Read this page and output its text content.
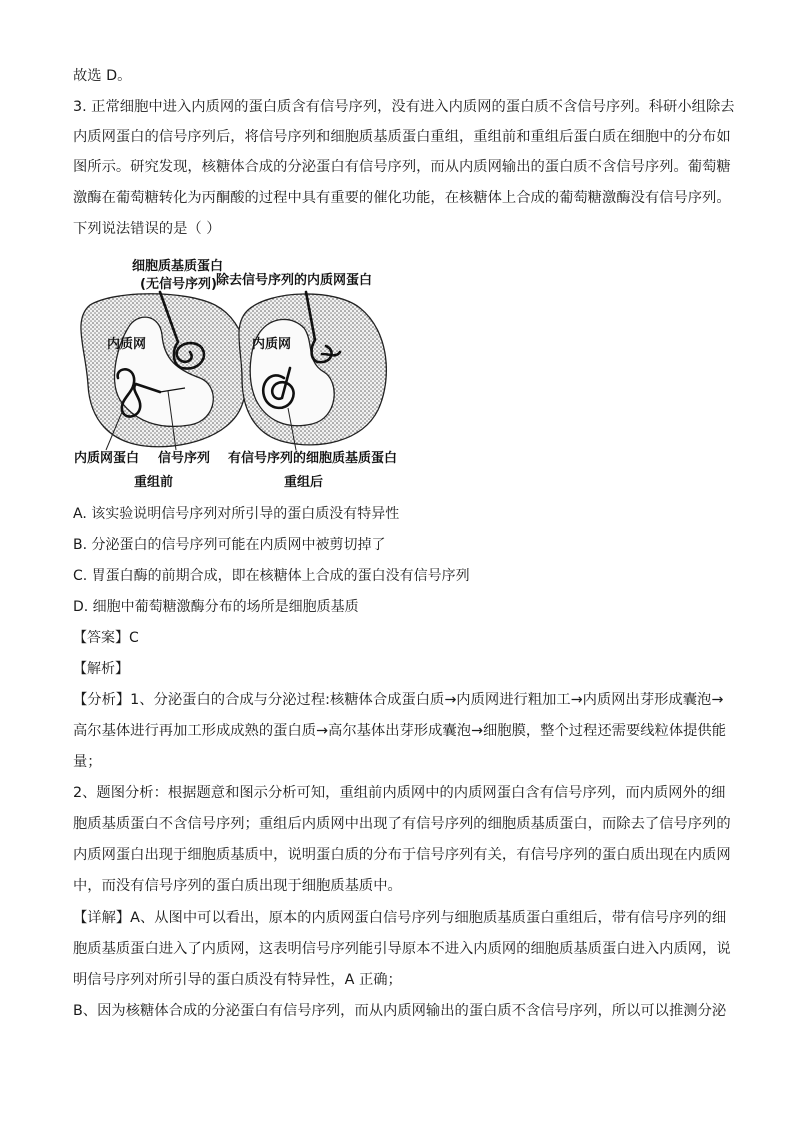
故选 D。
3. 正常细胞中进入内质网的蛋白质含有信号序列，没有进入内质网的蛋白质不含信号序列。科研小组除去
内质网蛋白的信号序列后，将信号序列和细胞质基质蛋白重组，重组前和重组后蛋白质在细胞中的分布如
图所示。研究发现，核糖体合成的分泌蛋白有信号序列，而从内质网输出的蛋白质不含信号序列。葡萄糖
激酶在葡萄糖转化为丙酮酸的过程中具有重要的催化功能，在核糖体上合成的葡萄糖激酶没有信号序列。
下列说法错误的是（ ）
细胞质基质蛋白
(无信号序列) 除去信号序列的内质网蛋白
内质网	内质网
内质网蛋白 信号序列 有信号序列的细胞质基质蛋白
重组前	重组后
A. 该实验说明信号序列对所引导的蛋白质没有特异性
B. 分泌蛋白的信号序列可能在内质网中被剪切掉了
C. 胃蛋白酶的前期合成，即在核糖体上合成的蛋白没有信号序列
D. 细胞中葡萄糖激酶分布的场所是细胞质基质
【答案】C
【解析】
【分析】1、分泌蛋白的合成与分泌过程:核糖体合成蛋白质→内质网进行粗加工→内质网出芽形成囊泡→
高尔基体进行再加工形成成熟的蛋白质→高尔基体出芽形成囊泡→细胞膜，整个过程还需要线粒体提供能
量；
2、题图分析：根据题意和图示分析可知，重组前内质网中的内质网蛋白含有信号序列，而内质网外的细
胞质基质蛋白不含信号序列；重组后内质网中出现了有信号序列的细胞质基质蛋白，而除去了信号序列的
内质网蛋白出现于细胞质基质中，说明蛋白质的分布于信号序列有关，有信号序列的蛋白质出现在内质网
中，而没有信号序列的蛋白质出现于细胞质基质中。
【详解】A、从图中可以看出，原本的内质网蛋白信号序列与细胞质基质蛋白重组后，带有信号序列的细
胞质基质蛋白进入了内质网，这表明信号序列能引导原本不进入内质网的细胞质基质蛋白进入内质网，说
明信号序列对所引导的蛋白质没有特异性，A 正确；
B、因为核糖体合成的分泌蛋白有信号序列，而从内质网输出的蛋白质不含信号序列，所以可以推测分泌
